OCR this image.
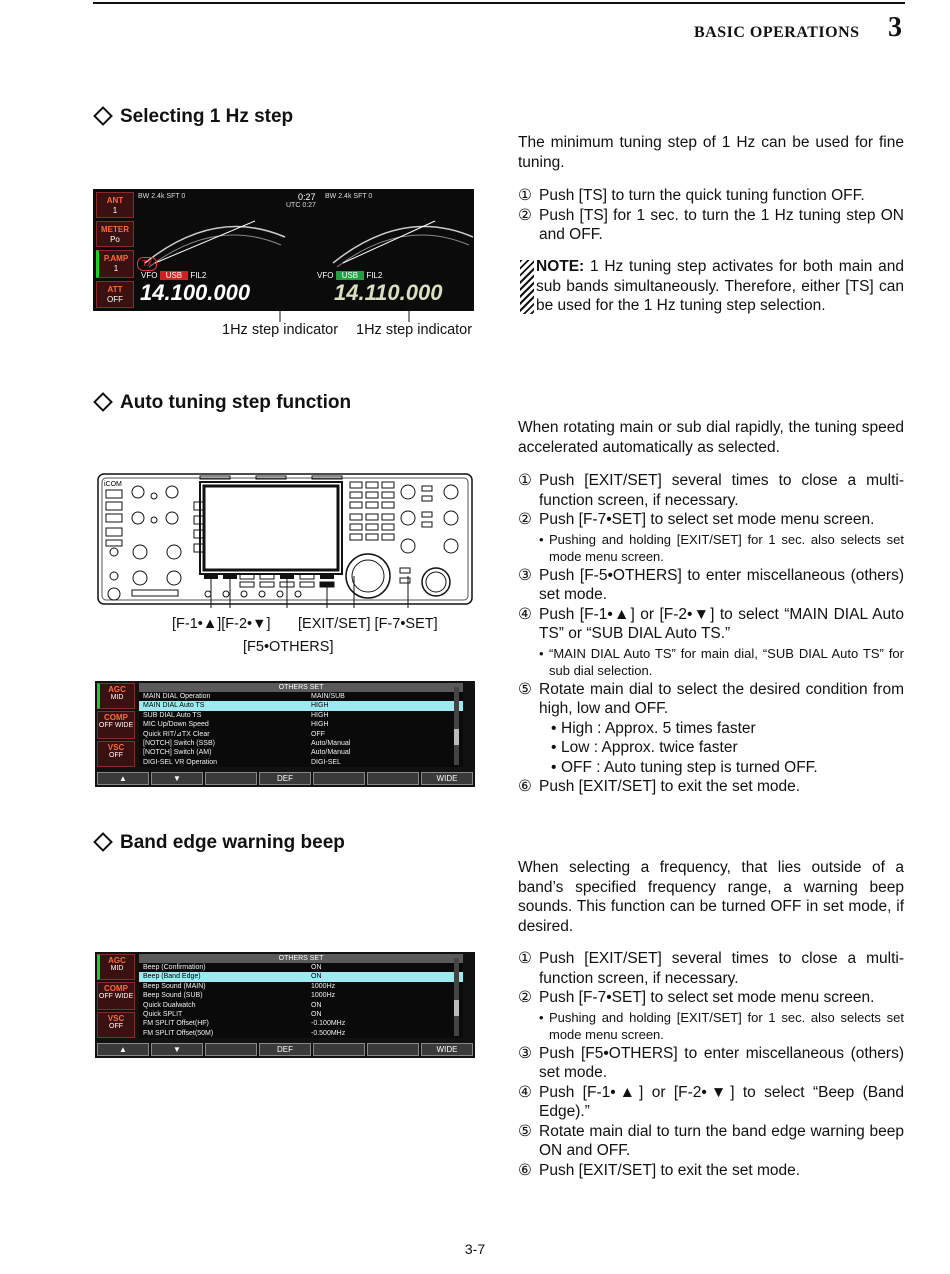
BASIC OPERATIONS 3
Selecting 1 Hz step
The minimum tuning step of 1 Hz can be used for fine tuning.
① Push [TS] to turn the quick tuning function OFF.
② Push [TS] for 1 sec. to turn the 1 Hz tuning step ON and OFF.
NOTE: 1 Hz tuning step activates for both main and sub bands simultaneously. Therefore, either [TS] can be used for the 1 Hz tuning step selection.
ANT
1
METER
Po
P.AMP
1
ATT
OFF
BW 2.4k SFT 0	BW 2.4k SFT 0
0:27
UTC 0:27
TX
VFO USB FIL2	VFO USB FIL2
14.100.000	14.110.000
1Hz step indicator 1Hz step indicator
Auto tuning step function
When rotating main or sub dial rapidly, the tuning speed accelerated automatically as selected.
① Push [EXIT/SET] several times to close a multi-function screen, if necessary.
② Push [F-7•SET] to select set mode menu screen.
• Pushing and holding [EXIT/SET] for 1 sec. also selects set mode menu screen.
③ Push [F-5•OTHERS] to enter miscellaneous (others) set mode.
④ Push [F-1•▲] or [F-2•▼] to select “MAIN DIAL Auto TS” or “SUB DIAL Auto TS.”
• “MAIN DIAL Auto TS” for main dial, “SUB DIAL Auto TS” for sub dial selection.
⑤ Rotate main dial to select the desired condition from high, low and OFF.
• High : Approx. 5 times faster
• Low : Approx. twice faster
• OFF : Auto tuning step is turned OFF.
⑥ Push [EXIT/SET] to exit the set mode.
iCOM
[F-1•▲][F-2•▼] [EXIT/SET] [F-7•SET]
[F5•OTHERS]
AGC
MID
COMP
OFF WIDE
VSC
OFF
OTHERS SET
MAIN DIAL Operation	MAIN/SUB
MAIN DIAL Auto TS	HIGH
SUB DIAL Auto TS	HIGH
MIC Up/Down Speed	HIGH
Quick RIT/⊿TX Clear	OFF
[NOTCH] Switch (SSB)	Auto/Manual
[NOTCH] Switch (AM)	Auto/Manual
DIGI-SEL VR Operation	DIGI-SEL
▲	▼	DEF	WIDE
Band edge warning beep
When selecting a frequency, that lies outside of a band’s specified frequency range, a warning beep sounds. This function can be turned OFF in set mode, if desired.
① Push [EXIT/SET] several times to close a multi-function screen, if necessary.
② Push [F-7•SET] to select set mode menu screen.
• Pushing and holding [EXIT/SET] for 1 sec. also selects set mode menu screen.
③ Push [F5•OTHERS] to enter miscellaneous (others) set mode.
④ Push [F-1•▲] or [F-2•▼] to select “Beep (Band Edge).”
⑤ Rotate main dial to turn the band edge warning beep ON and OFF.
⑥ Push [EXIT/SET] to exit the set mode.
AGC
MID
COMP
OFF WIDE
VSC
OFF
OTHERS SET
Beep (Confirmation)	ON
Beep (Band Edge)	ON
Beep Sound (MAIN)	1000Hz
Beep Sound (SUB)	1000Hz
Quick Dualwatch	ON
Quick SPLIT	ON
FM SPLIT Offset(HF)	-0.100MHz
FM SPLIT Offset(50M)	-0.500MHz
▲	▼	DEF	WIDE
3-7
